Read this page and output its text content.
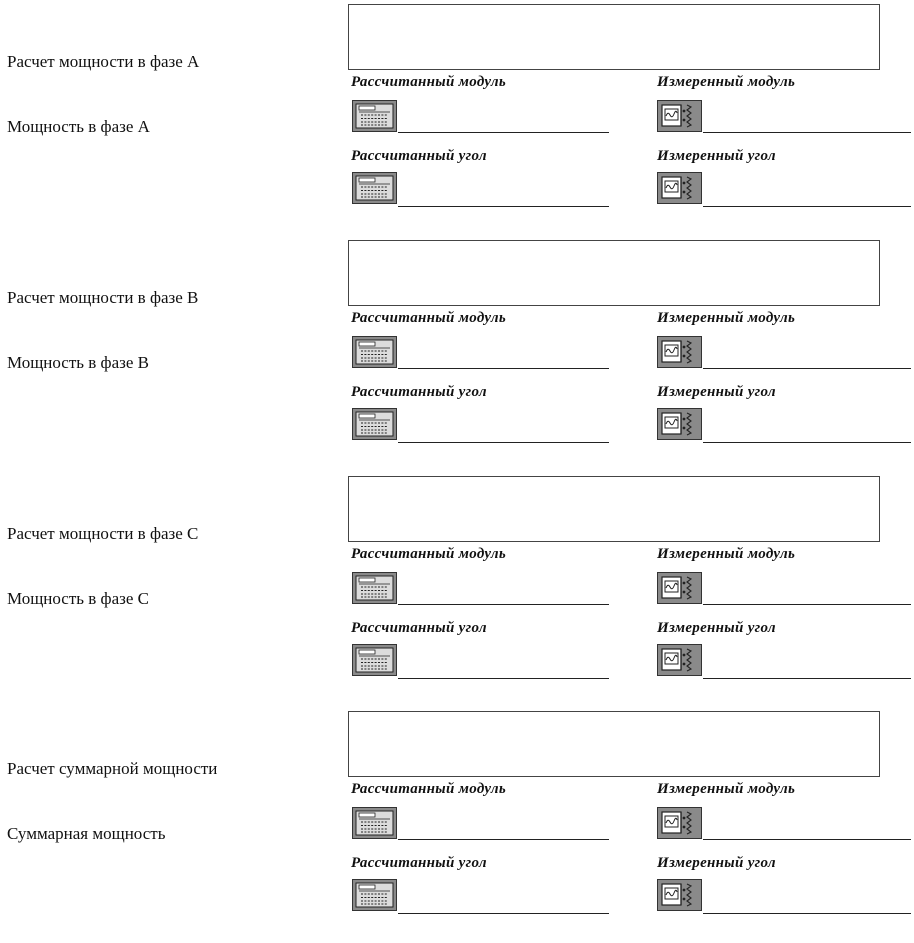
Расчет мощности в фазе A
Мощность в фазе A
Рассчитанный модуль	Измеренный модуль
Рассчитанный угол	Измеренный угол
Расчет мощности в фазе B
Мощность в фазе B
Рассчитанный модуль	Измеренный модуль
Рассчитанный угол	Измеренный угол
Расчет мощности в фазе C
Мощность в фазе C
Рассчитанный модуль	Измеренный модуль
Рассчитанный угол	Измеренный угол
Расчет суммарной мощности
Суммарная мощность
Рассчитанный модуль	Измеренный модуль
Рассчитанный угол	Измеренный угол
